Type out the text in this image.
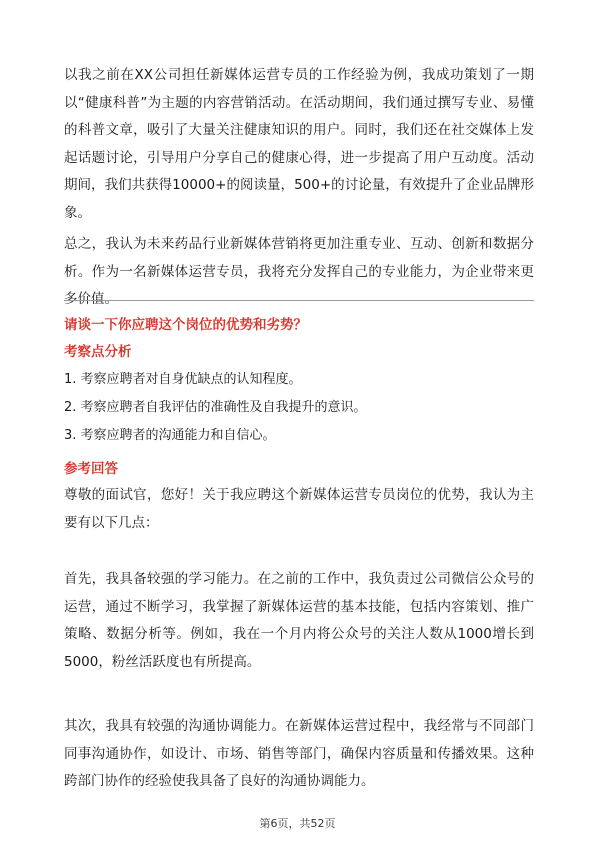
以我之前在XX公司担任新媒体运营专员的工作经验为例，我成功策划了一期以“健康科普”为主题的内容营销活动。在活动期间，我们通过撰写专业、易懂的科普文章，吸引了大量关注健康知识的用户。同时，我们还在社交媒体上发起话题讨论，引导用户分享自己的健康心得，进一步提高了用户互动度。活动期间，我们共获得10000+的阅读量，500+的讨论量，有效提升了企业品牌形象。

总之，我认为未来药品行业新媒体营销将更加注重专业、互动、创新和数据分析。作为一名新媒体运营专员，我将充分发挥自己的专业能力，为企业带来更多价值。

请谈一下你应聘这个岗位的优势和劣势？

考察点分析

1. 考察应聘者对自身优缺点的认知程度。
2. 考察应聘者自我评估的准确性及自我提升的意识。
3. 考察应聘者的沟通能力和自信心。

参考回答

尊敬的面试官，您好！关于我应聘这个新媒体运营专员岗位的优势，我认为主要有以下几点：

首先，我具备较强的学习能力。在之前的工作中，我负责过公司微信公众号的运营，通过不断学习，我掌握了新媒体运营的基本技能，包括内容策划、推广策略、数据分析等。例如，我在一个月内将公众号的关注人数从1000增长到5000，粉丝活跃度也有所提高。

其次，我具有较强的沟通协调能力。在新媒体运营过程中，我经常与不同部门同事沟通协作，如设计、市场、销售等部门，确保内容质量和传播效果。这种跨部门协作的经验使我具备了良好的沟通协调能力。

第6页，共52页
